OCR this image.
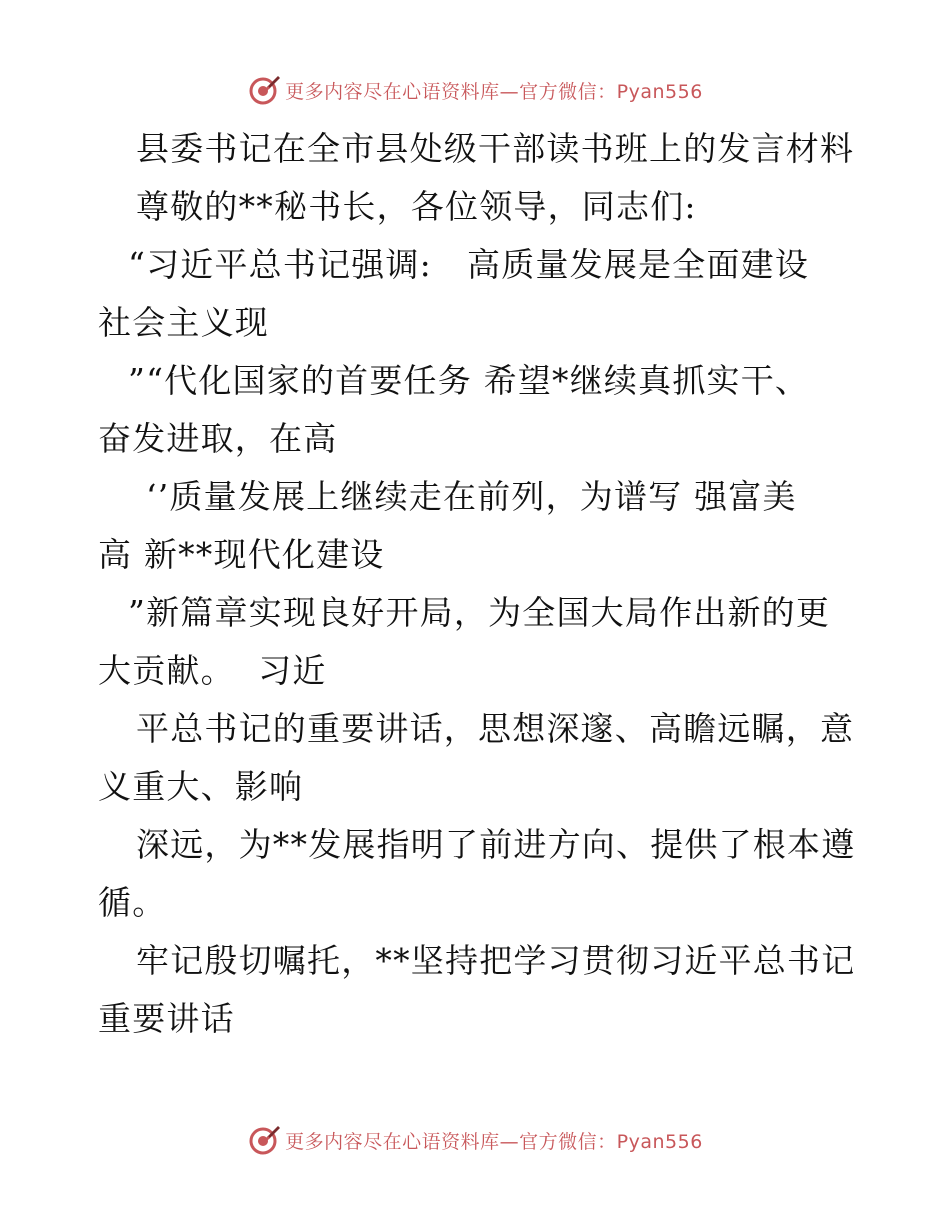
更多内容尽在心语资料库—官方微信：Pyan556
县委书记在全市县处级干部读书班上的发言材料
尊敬的**秘书长，各位领导，同志们:
“习近平总书记强调:   高质量发展是全面建设
社会主义现
”“代化国家的首要任务 希望*继续真抓实干、
奋发进取，在高
‘’质量发展上继续走在前列，为谱写 强富美
高 新**现代化建设
”新篇章实现良好开局，为全国大局作出新的更
大贡献。  习近
平总书记的重要讲话，思想深邃、高瞻远瞩，意
义重大、影响
深远，为**发展指明了前进方向、提供了根本遵
循。
牢记殷切嘱托，**坚持把学习贯彻习近平总书记
重要讲话
更多内容尽在心语资料库—官方微信：Pyan556
